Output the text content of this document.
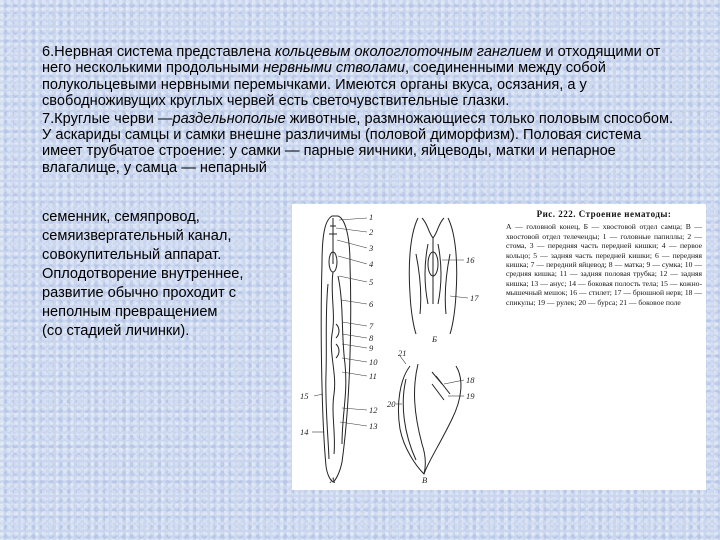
6.Нервная система представлена кольцевым окологлоточным ганглием и отходящими от него несколькими продольными нервными стволами, соединенными между собой полукольцевыми нервными перемычками. Имеются органы вкуса, осязания, а у свободноживущих круглых червей есть светочувствительные глазки.

7.Круглые черви —раздельнополые животные, размножающиеся только половым способом. У аскариды самцы и самки внешне различимы (половой диморфизм). Половая система имеет трубчатое строение: у самки — парные яичники, яйцеводы, матки и непарное влагалище, у самца — непарный

семенник, семяпровод,
семяизвергательный канал,
совокупительный аппарат.
Оплодотворение внутреннее,
развитие обычно проходит с
неполным превращением
(со стадией личинки).
1
2
3
4
5
6
7
8
9
10
11
12
13
14
15
А
16
17
Б
21
18
19
20
В
Рис. 222. Строение нематоды:
А — головной конец, Б — хвостовой отдел самца; В — хвостовой отдел телеченды; 1 — головные папиллы; 2 — стома, 3 — передняя часть передней кишки; 4 — первое кольцо; 5 — задняя часть передней кишки; 6 — передняя кишка; 7 — передний яйцевод; 8 — матка; 9 — сумка; 10 — средняя кишка; 11 — задняя половая трубка; 12 — задняя кишка; 13 — анус; 14 — боковая полость тела; 15 — кожно-мышечный мешок; 16 — стилет; 17 — брюшной нерв; 18 — спикулы; 19 — рулек; 20 — бурса; 21 — боковое поле
